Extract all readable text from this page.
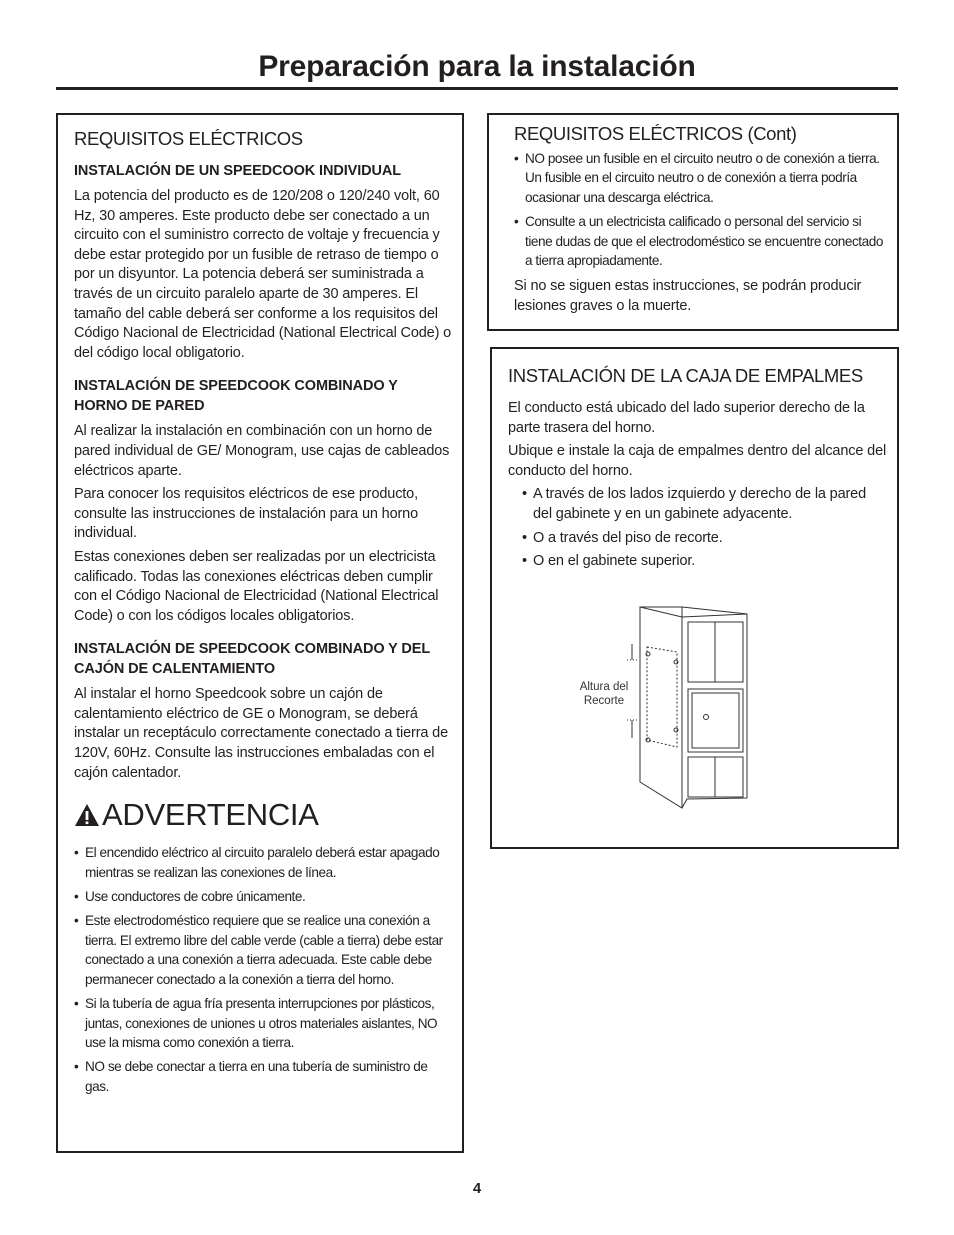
Preparación para la instalación
REQUISITOS ELÉCTRICOS
INSTALACIÓN DE UN SPEEDCOOK INDIVIDUAL
La potencia del producto es de 120/208 o 120/240 volt, 60 Hz, 30 amperes. Este producto debe ser conectado a un circuito con el suministro correcto de voltaje y frecuencia y debe estar protegido por un fusible de retraso de tiempo o por un disyuntor. La potencia deberá ser suministrada a través de un circuito paralelo aparte de 30 amperes. El tamaño del cable deberá ser conforme a los requisitos del Código Nacional de Electricidad (National Electrical Code) o del código local obligatorio.
INSTALACIÓN DE SPEEDCOOK COMBINADO Y HORNO DE PARED
Al realizar la instalación en combinación con un horno de pared individual de GE/ Monogram, use cajas de cableados eléctricos aparte.
Para conocer los requisitos eléctricos de ese producto, consulte las instrucciones de instalación para un horno individual.
Estas conexiones deben ser realizadas por un electricista calificado. Todas las conexiones eléctricas deben cumplir con el Código Nacional de Electricidad (National Electrical Code) o con los códigos locales obligatorios.
INSTALACIÓN DE SPEEDCOOK COMBINADO Y DEL CAJÓN DE CALENTAMIENTO
Al instalar el horno Speedcook sobre un cajón de calentamiento eléctrico de GE o Monogram, se deberá instalar un receptáculo correctamente conectado a tierra de 120V, 60Hz. Consulte las instrucciones embaladas con el cajón calentador.
ADVERTENCIA
• El encendido eléctrico al circuito paralelo deberá estar apagado mientras se realizan las conexiones de línea.
• Use conductores de cobre únicamente.
• Este electrodoméstico requiere que se realice una conexión a tierra. El extremo libre del cable verde (cable a tierra) debe estar conectado a una conexión a tierra adecuada. Este cable debe permanecer conectado a la conexión a tierra del horno.
• Si la tubería de agua fría presenta interrupciones por plásticos, juntas, conexiones de uniones u otros materiales aislantes, NO use la misma como conexión a tierra.
• NO se debe conectar a tierra en una tubería de suministro de gas.
REQUISITOS ELÉCTRICOS (Cont)
• NO posee un fusible en el circuito neutro o de conexión a tierra. Un fusible en el circuito neutro o de conexión a tierra podría ocasionar una descarga eléctrica.
• Consulte a un electricista calificado o personal del servicio si tiene dudas de que el electrodoméstico se encuentre conectado a tierra apropiadamente.
Si no se siguen estas instrucciones, se podrán producir lesiones graves o la muerte.
INSTALACIÓN DE LA CAJA DE EMPALMES
El conducto está ubicado del lado superior derecho de la parte trasera del horno.
Ubique e instale la caja de empalmes dentro del alcance del conducto del horno.
• A través de los lados izquierdo y derecho de la pared del gabinete y en un gabinete adyacente.
• O a través del piso de recorte.
• O en el gabinete superior.
Altura del
Recorte
4
